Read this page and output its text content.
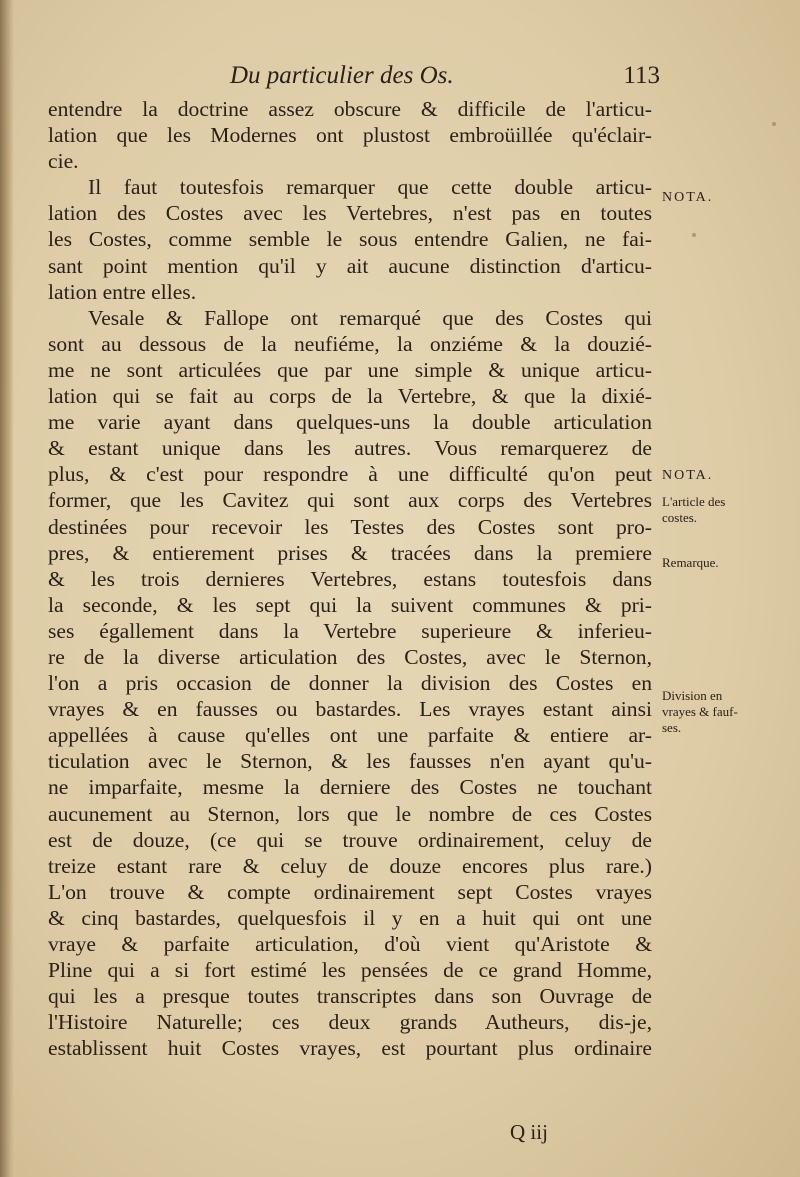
Du particulier des Os.	113
entendre la doctrine assez obscure & difficile de l'articu-
lation que les Modernes ont plustost embroüillée qu'éclair-
cie.
Il faut toutesfois remarquer que cette double articu-
lation des Costes avec les Vertebres, n'est pas en toutes
les Costes, comme semble le sous entendre Galien, ne fai-
sant point mention qu'il y ait aucune distinction d'articu-
lation entre elles.
Vesale & Fallope ont remarqué que des Costes qui
sont au dessous de la neufiéme, la onziéme & la douzié-
me ne sont articulées que par une simple & unique articu-
lation qui se fait au corps de la Vertebre, & que la dixié-
me varie ayant dans quelques-uns la double articulation
& estant unique dans les autres. Vous remarquerez de
plus, & c'est pour respondre à une difficulté qu'on peut
former, que les Cavitez qui sont aux corps des Vertebres
destinées pour recevoir les Testes des Costes sont pro-
pres, & entierement prises & tracées dans la premiere
& les trois dernieres Vertebres, estans toutesfois dans
la seconde, & les sept qui la suivent communes & pri-
ses égallement dans la Vertebre superieure & inferieu-
re de la diverse articulation des Costes, avec le Sternon,
l'on a pris occasion de donner la division des Costes en
vrayes & en fausses ou bastardes. Les vrayes estant ainsi
appellées à cause qu'elles ont une parfaite & entiere ar-
ticulation avec le Sternon, & les fausses n'en ayant qu'u-
ne imparfaite, mesme la derniere des Costes ne touchant
aucunement au Sternon, lors que le nombre de ces Costes
est de douze, (ce qui se trouve ordinairement, celuy de
treize estant rare & celuy de douze encores plus rare.)
L'on trouve & compte ordinairement sept Costes vrayes
& cinq bastardes, quelquesfois il y en a huit qui ont une
vraye & parfaite articulation, d'où vient qu'Aristote &
Pline qui a si fort estimé les pensées de ce grand Homme,
qui les a presque toutes transcriptes dans son Ouvrage de
l'Histoire Naturelle; ces deux grands Autheurs, dis-je,
establissent huit Costes vrayes, est pourtant plus ordinaire
NOTA.
NOTA.
L'article des
costes.
Remarque.
Division en
vrayes & fauf-
ses.
Q iij
